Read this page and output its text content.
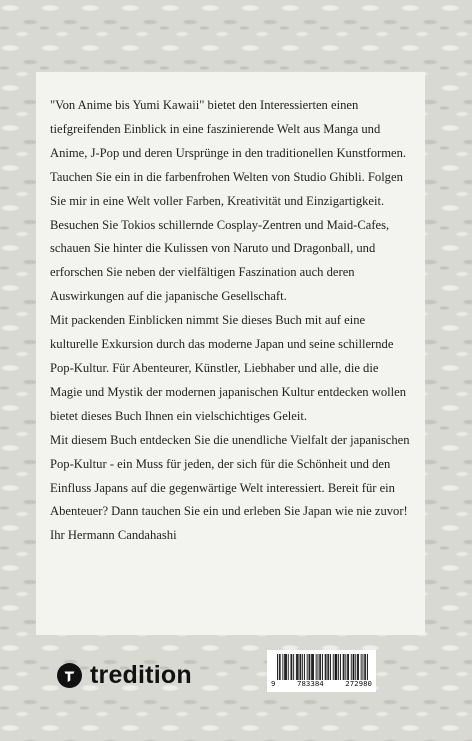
"Von Anime bis Yumi Kawaii" bietet den Interessierten einen tiefgreifenden Einblick in eine faszinierende Welt aus Manga und Anime, J-Pop und deren Ursprünge in den traditionellen Kunstformen. Tauchen Sie ein in die farbenfrohen Welten von Studio Ghibli. Folgen Sie mir in eine Welt voller Farben, Kreativität und Einzigartigkeit. Besuchen Sie Tokios schillernde Cosplay-Zentren und Maid-Cafes, schauen Sie hinter die Kulissen von Naruto und Dragonball, und erforschen Sie neben der vielfältigen Faszination auch deren Auswirkungen auf die japanische Gesellschaft.

Mit packenden Einblicken nimmt Sie dieses Buch mit auf eine kulturelle Exkursion durch das moderne Japan und seine schillernde Pop-Kultur. Für Abenteurer, Künstler, Liebhaber und alle, die die Magie und Mystik der modernen japanischen Kultur entdecken wollen bietet dieses Buch Ihnen ein vielschichtiges Geleit.

Mit diesem Buch entdecken Sie die unendliche Vielfalt der japanischen Pop-Kultur - ein Muss für jeden, der sich für die Schönheit und den Einfluss Japans auf die gegenwärtige Welt interessiert. Bereit für ein Abenteuer? Dann tauchen Sie ein und erleben Sie Japan wie nie zuvor!

Ihr Hermann Candahashi

tredition	9	783384	272980
